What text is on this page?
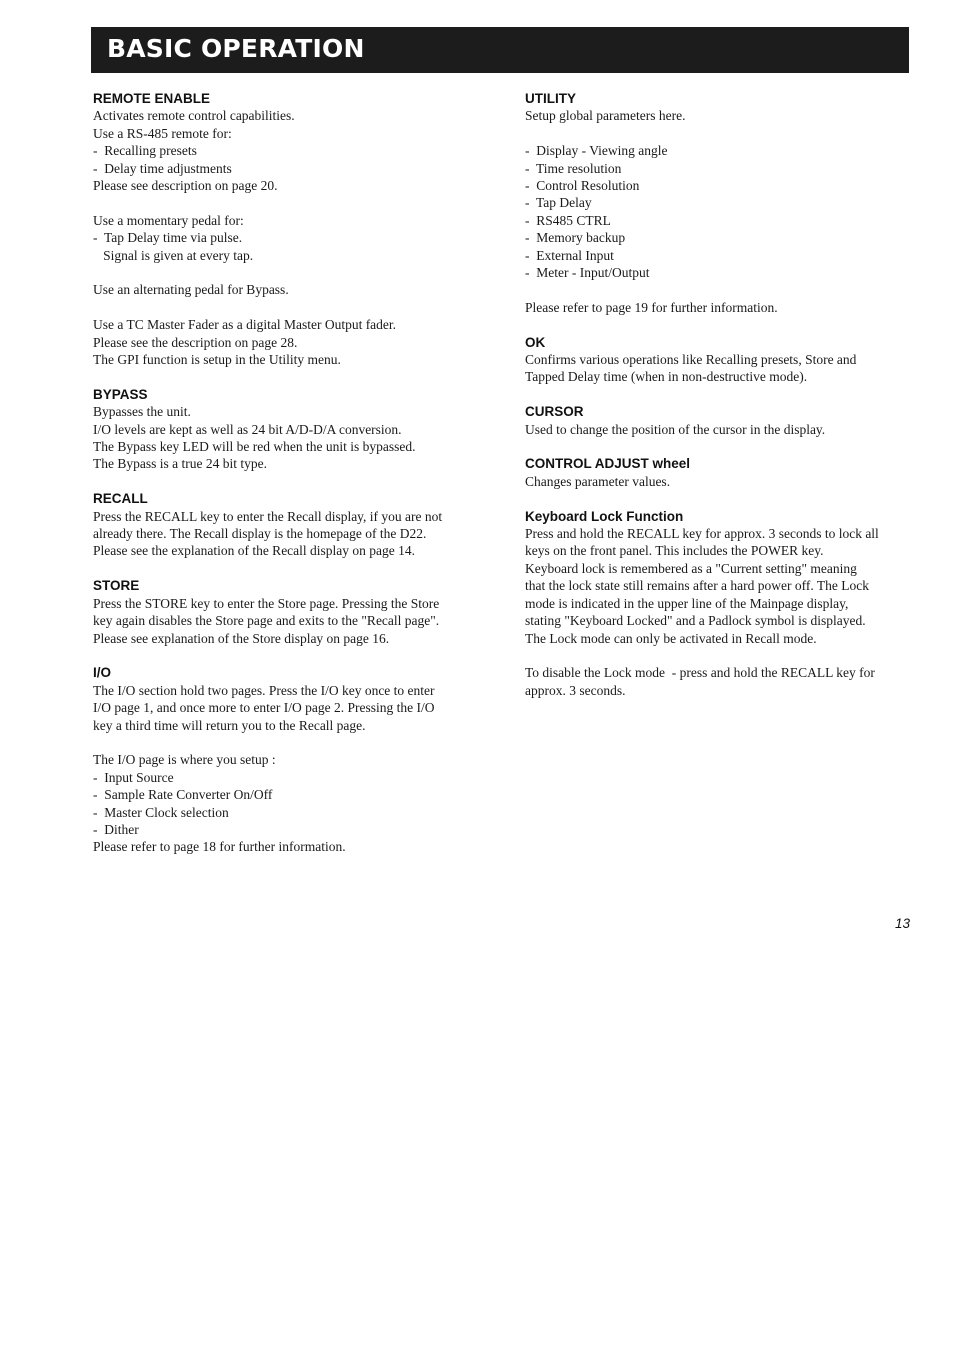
BASIC OPERATION
REMOTE ENABLE

Activates remote control capabilities.

Use a RS-485 remote for:

-  Recalling presets

-  Delay time adjustments

Please see description on page 20.

Use a momentary pedal for:

-  Tap Delay time via pulse.

Signal is given at every tap.

Use an alternating pedal for Bypass.

Use a TC Master Fader as a digital Master Output fader.

Please see the description on page 28.

The GPI function is setup in the Utility menu.

BYPASS

Bypasses the unit.

I/O levels are kept as well as 24 bit A/D-D/A conversion.

The Bypass key LED will be red when the unit is bypassed.

The Bypass is a true 24 bit type.

RECALL

Press the RECALL key to enter the Recall display, if you are not

already there. The Recall display is the homepage of the D22.

Please see the explanation of the Recall display on page 14.

STORE

Press the STORE key to enter the Store page. Pressing the Store

key again disables the Store page and exits to the "Recall page".

Please see explanation of the Store display on page 16.

I/O

The I/O section hold two pages. Press the I/O key once to enter

I/O page 1, and once more to enter I/O page 2. Pressing the I/O

key a third time will return you to the Recall page.

The I/O page is where you setup :

-  Input Source

-  Sample Rate Converter On/Off

-  Master Clock selection

-  Dither

Please refer to page 18 for further information.

UTILITY

Setup global parameters here.

-  Display - Viewing angle

-  Time resolution

-  Control Resolution

-  Tap Delay

-  RS485 CTRL

-  Memory backup

-  External Input

-  Meter - Input/Output

Please refer to page 19 for further information.

OK

Confirms various operations like Recalling presets, Store and

Tapped Delay time (when in non-destructive mode).

CURSOR

Used to change the position of the cursor in the display.

CONTROL ADJUST wheel

Changes parameter values.

Keyboard Lock Function

Press and hold the RECALL key for approx. 3 seconds to lock all

keys on the front panel. This includes the POWER key.

Keyboard lock is remembered as a "Current setting" meaning

that the lock state still remains after a hard power off. The Lock

mode is indicated in the upper line of the Mainpage display,

stating "Keyboard Locked" and a Padlock symbol is displayed.

The Lock mode can only be activated in Recall mode.

To disable the Lock mode  - press and hold the RECALL key for

approx. 3 seconds.

13
